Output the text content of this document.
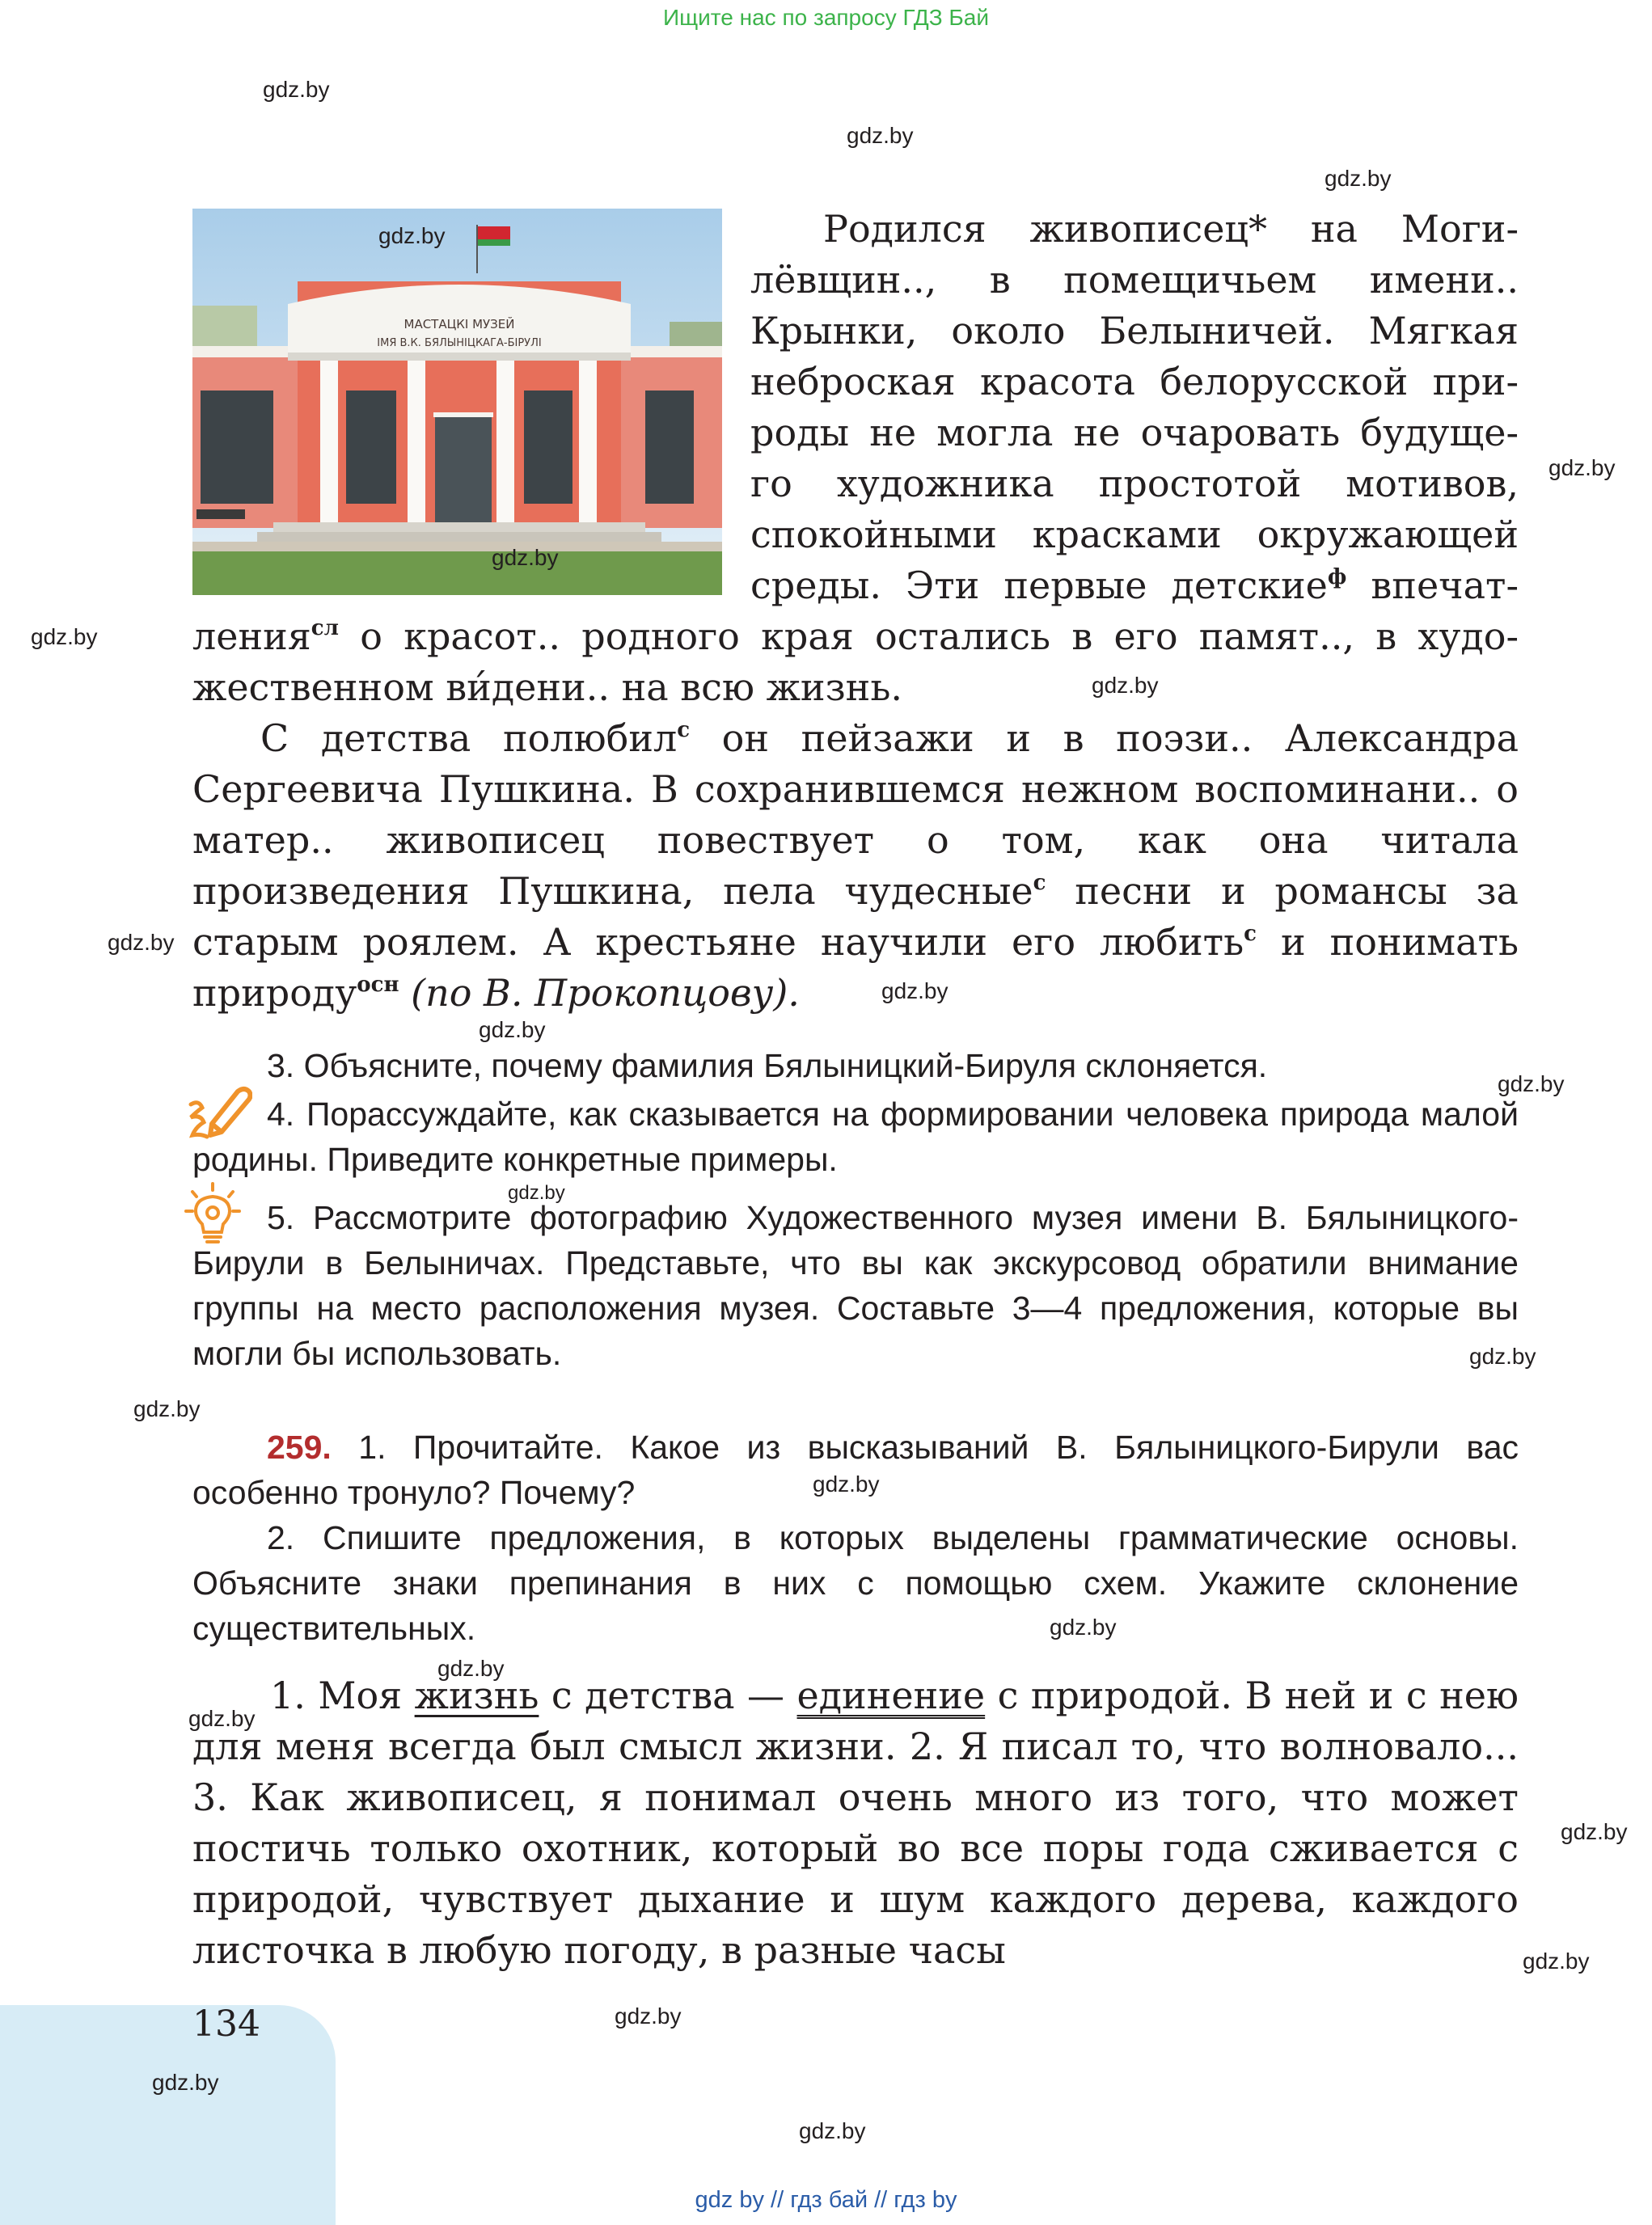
Ищите нас по запросу ГДЗ Бай
gdz.by
gdz.by
gdz.by
gdz.by
gdz.by
gdz.by
gdz.by
gdz.by
gdz.by
gdz.by
gdz.by
gdz.by
gdz.by
gdz.by
gdz.by
gdz.by
gdz.by
gdz.by
gdz.by
gdz.by
gdz.by
МАСТАЦКІ МУЗЕЙ
ІМЯ В.К. БЯЛЫНІЦКАГА-БІРУЛІ
gdz.by
gdz.by

Родился живописец* на Моги-

лёвщин.., в помещичьем имени..

Крынки, около Белыничей. Мягкая

неброская красота белорусской при-

роды не могла не очаровать будуще-

го художника простотой мотивов,

спокойными красками окружающей

среды. Эти первые детские$^ф$ впечат-

ления$^{сл}$ о красот.. родного края остались в его памят.., в худо-жественном ви́дени.. на всю жизнь.

С детства полюбил$^с$ он пейзажи и в поэзи.. Александра Сергеевича Пушкина. В сохранившемся нежном воспоминани.. о матер.. живописец повествует о том, как она читала произведения Пушкина, пела чудесные$^с$ песни и романсы за старым роялем. А крестьяне научили его любить$^с$ и понимать природу$^{осн}$ (по В. Прокопцову).

3. Объясните, почему фамилия Бялыницкий-Бируля склоняется.

4. Порассуждайте, как сказывается на формировании человека природа малой родины. Приведите конкретные примеры.

5. Рассмотрите фотографию Художественного музея имени В. Бялыницкого-Бирули в Белыничах. Представьте, что вы как экскурсовод обратили внимание группы на место расположения музея. Составьте 3—4 предложения, которые вы могли бы использовать.

259. 1. Прочитайте. Какое из высказываний В. Бялыницкого-Бирули вас особенно тронуло? Почему?

2. Спишите предложения, в которых выделены грамматические основы. Объясните знаки препинания в них с помощью схем. Укажите склонение существительных.

1. Моя жизнь с детства — единение с природой. В ней и с нею для меня всегда был смысл жизни. 2. Я писал то, что волновало... 3. Как живописец, я понимал очень много из того, что может постичь только охотник, который во все поры года сживается с природой, чувствует дыхание и шум каждого дерева, каждого листочка в любую погоду, в разные часы

134
gdz.by
gdz by // гдз бай // гдз by
